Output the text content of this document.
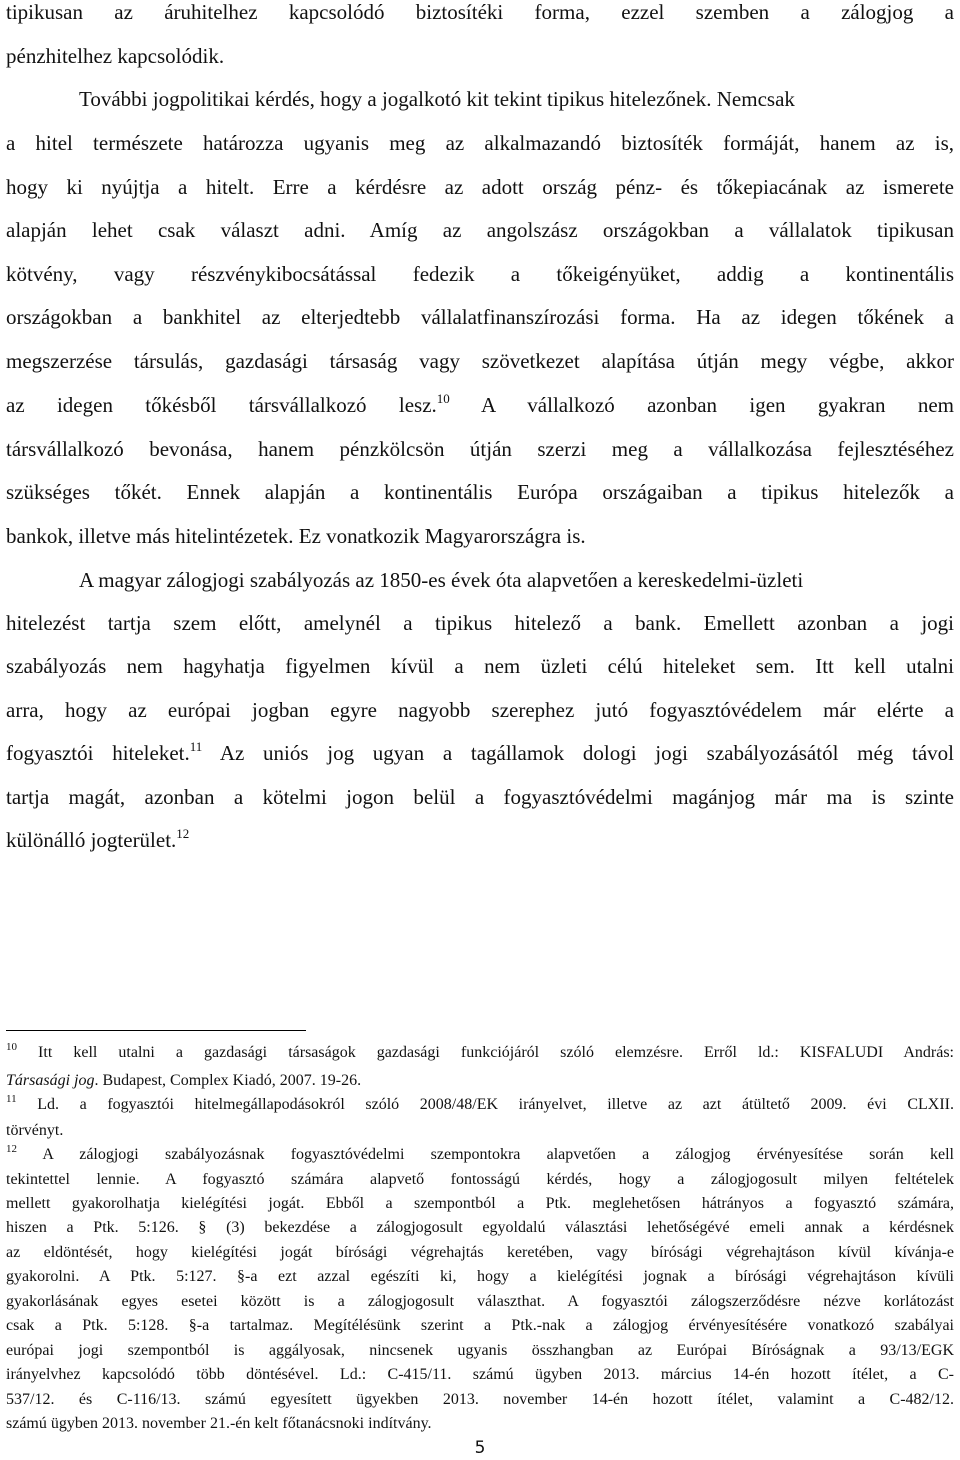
tipikusan az áruhitelhez kapcsolódó biztosítéki forma, ezzel szemben a zálogjog a
pénzhitelhez kapcsolódik.
További jogpolitikai kérdés, hogy a jogalkotó kit tekint tipikus hitelezőnek. Nemcsak
a hitel természete határozza ugyanis meg az alkalmazandó biztosíték formáját, hanem az is,
hogy ki nyújtja a hitelt. Erre a kérdésre az adott ország pénz- és tőkepiacának az ismerete
alapján lehet csak választ adni. Amíg az angolszász országokban a vállalatok tipikusan
kötvény, vagy részvénykibocsátással fedezik a tőkeigényüket, addig a kontinentális
országokban a bankhitel az elterjedtebb vállalatfinanszírozási forma. Ha az idegen tőkének a
megszerzése társulás, gazdasági társaság vagy szövetkezet alapítása útján megy végbe, akkor
az idegen tőkésből társvállalkozó lesz.$^{10}$ A vállalkozó azonban igen gyakran nem
társvállalkozó bevonása, hanem pénzkölcsön útján szerzi meg a vállalkozása fejlesztéséhez
szükséges tőkét. Ennek alapján a kontinentális Európa országaiban a tipikus hitelezők a
bankok, illetve más hitelintézetek. Ez vonatkozik Magyarországra is.
A magyar zálogjogi szabályozás az 1850-es évek óta alapvetően a kereskedelmi-üzleti
hitelezést tartja szem előtt, amelynél a tipikus hitelező a bank. Emellett azonban a jogi
szabályozás nem hagyhatja figyelmen kívül a nem üzleti célú hiteleket sem. Itt kell utalni
arra, hogy az európai jogban egyre nagyobb szerephez jutó fogyasztóvédelem már elérte a
fogyasztói hiteleket.$^{11}$ Az uniós jog ugyan a tagállamok dologi jogi szabályozásától még távol
tartja magát, azonban a kötelmi jogon belül a fogyasztóvédelmi magánjog már ma is szinte
különálló jogterület.$^{12}$
$^{10}$ Itt kell utalni a gazdasági társaságok gazdasági funkciójáról szóló elemzésre. Erről ld.: KISFALUDI András:
Társasági jog. Budapest, Complex Kiadó, 2007. 19-26.
$^{11}$ Ld. a fogyasztói hitelmegállapodásokról szóló 2008/48/EK irányelvet, illetve az azt átültető 2009. évi CLXII.
törvényt.
$^{12}$ A zálogjogi szabályozásnak fogyasztóvédelmi szempontokra alapvetően a zálogjog érvényesítése során kell
tekintettel lennie. A fogyasztó számára alapvető fontosságú kérdés, hogy a zálogjogosult milyen feltételek
mellett gyakorolhatja kielégítési jogát. Ebből a szempontból a Ptk. meglehetősen hátrányos a fogyasztó számára,
hiszen a Ptk. 5:126. § (3) bekezdése a zálogjogosult egyoldalú választási lehetőségévé emeli annak a kérdésnek
az eldöntését, hogy kielégítési jogát bírósági végrehajtás keretében, vagy bírósági végrehajtáson kívül kívánja-e
gyakorolni. A Ptk. 5:127. §-a ezt azzal egészíti ki, hogy a kielégítési jognak a bírósági végrehajtáson kívüli
gyakorlásának egyes esetei között is a zálogjogosult választhat. A fogyasztói zálogszerződésre nézve korlátozást
csak a Ptk. 5:128. §-a tartalmaz. Megítélésünk szerint a Ptk.-nak a zálogjog érvényesítésére vonatkozó szabályai
európai jogi szempontból is aggályosak, nincsenek ugyanis összhangban az Európai Bíróságnak a 93/13/EGK
irányelvhez kapcsolódó több döntésével. Ld.: C-415/11. számú ügyben 2013. március 14-én hozott ítélet, a C-
537/12. és C-116/13. számú egyesített ügyekben 2013. november 14-én hozott ítélet, valamint a C-482/12.
számú ügyben 2013. november 21.-én kelt főtanácsnoki indítvány.
5
